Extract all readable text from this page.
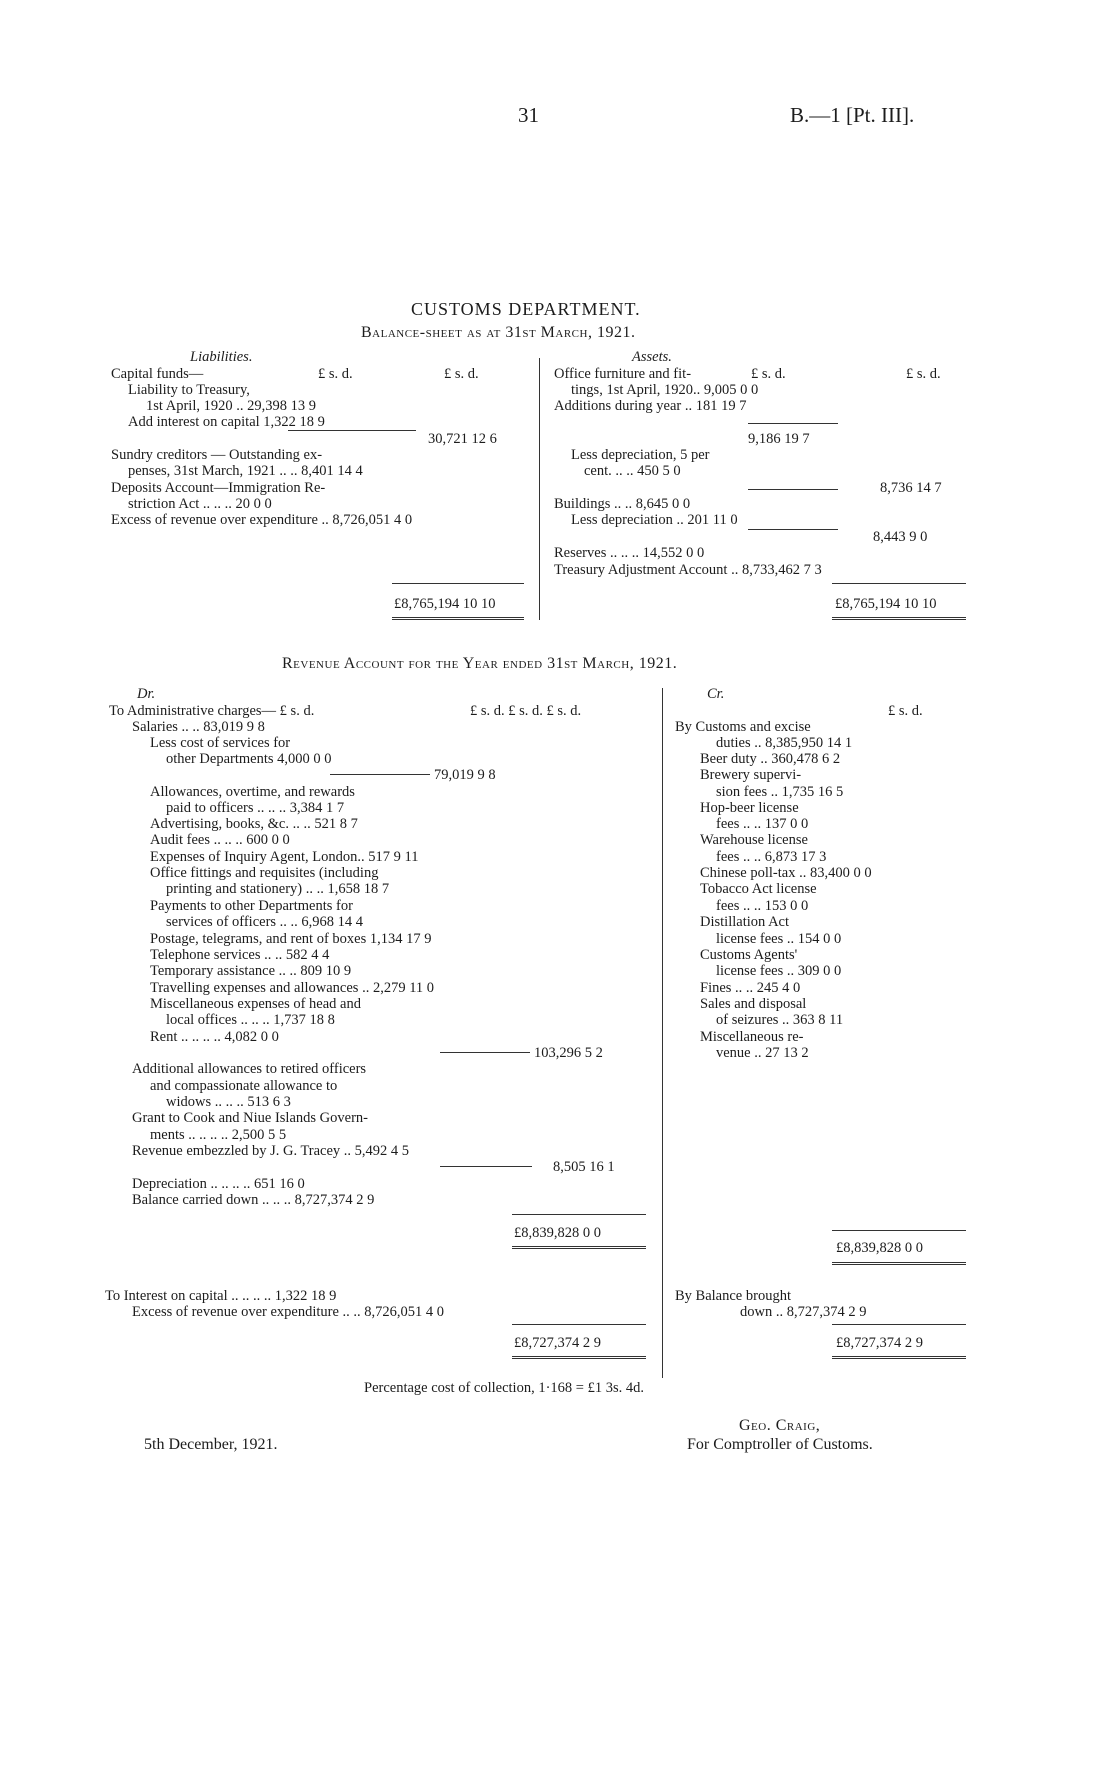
31	B.—1 [Pt. III].
CUSTOMS DEPARTMENT.
Balance-sheet as at 31st March, 1921.
Liabilities.	Assets.
Capital funds—	£ s. d.	£ s. d.
Liability to Treasury,
1st April, 1920 .. 29,398 13 9
Add interest on capital 1,322 18 9
30,721 12 6
Sundry creditors — Outstanding ex-
penses, 31st March, 1921 .. .. 8,401 14 4
Deposits Account—Immigration Re-
striction Act .. .. .. 20 0 0
Excess of revenue over expenditure .. 8,726,051 4 0
Office furniture and fit-	£ s. d.	£ s. d.
tings, 1st April, 1920.. 9,005 0 0
Additions during year .. 181 19 7
9,186 19 7
Less depreciation, 5 per
cent. .. .. 450 5 0
8,736 14 7
Buildings .. .. 8,645 0 0
Less depreciation .. 201 11 0
8,443 9 0
Reserves .. .. .. 14,552 0 0
Treasury Adjustment Account .. 8,733,462 7 3
£8,765,194 10 10	£8,765,194 10 10
Revenue Account for the Year ended 31st March, 1921.
Dr.	Cr.
£ s. d. £ s. d. £ s. d.	£ s. d.
To Administrative charges— £ s. d.
Salaries .. .. 83,019 9 8
Less cost of services for
other Departments 4,000 0 0
79,019 9 8
Allowances, overtime, and rewards
paid to officers .. .. .. 3,384 1 7
Advertising, books, &c. .. .. 521 8 7
Audit fees .. .. .. 600 0 0
Expenses of Inquiry Agent, London.. 517 9 11
Office fittings and requisites (including
printing and stationery) .. .. 1,658 18 7
Payments to other Departments for
services of officers .. .. 6,968 14 4
Postage, telegrams, and rent of boxes 1,134 17 9
Telephone services .. .. 582 4 4
Temporary assistance .. .. 809 10 9
Travelling expenses and allowances .. 2,279 11 0
Miscellaneous expenses of head and
local offices .. .. .. 1,737 18 8
Rent .. .. .. .. 4,082 0 0
103,296 5 2
Additional allowances to retired officers
and compassionate allowance to
widows .. .. .. 513 6 3
Grant to Cook and Niue Islands Govern-
ments .. .. .. .. 2,500 5 5
Revenue embezzled by J. G. Tracey .. 5,492 4 5
8,505 16 1
Depreciation .. .. .. .. 651 16 0
Balance carried down .. .. .. 8,727,374 2 9
By Customs and excise
duties .. 8,385,950 14 1
Beer duty .. 360,478 6 2
Brewery supervi-
sion fees .. 1,735 16 5
Hop-beer license
fees .. .. 137 0 0
Warehouse license
fees .. .. 6,873 17 3
Chinese poll-tax .. 83,400 0 0
Tobacco Act license
fees .. .. 153 0 0
Distillation Act
license fees .. 154 0 0
Customs Agents'
license fees .. 309 0 0
Fines .. .. 245 4 0
Sales and disposal
of seizures .. 363 8 11
Miscellaneous re-
venue .. 27 13 2
£8,839,828 0 0
£8,839,828 0 0
To Interest on capital .. .. .. .. 1,322 18 9
Excess of revenue over expenditure .. .. 8,726,051 4 0
By Balance brought
down .. 8,727,374 2 9
£8,727,374 2 9	£8,727,374 2 9
Percentage cost of collection, 1·168 = £1 3s. 4d.
5th December, 1921.
Geo. Craig,
For Comptroller of Customs.
